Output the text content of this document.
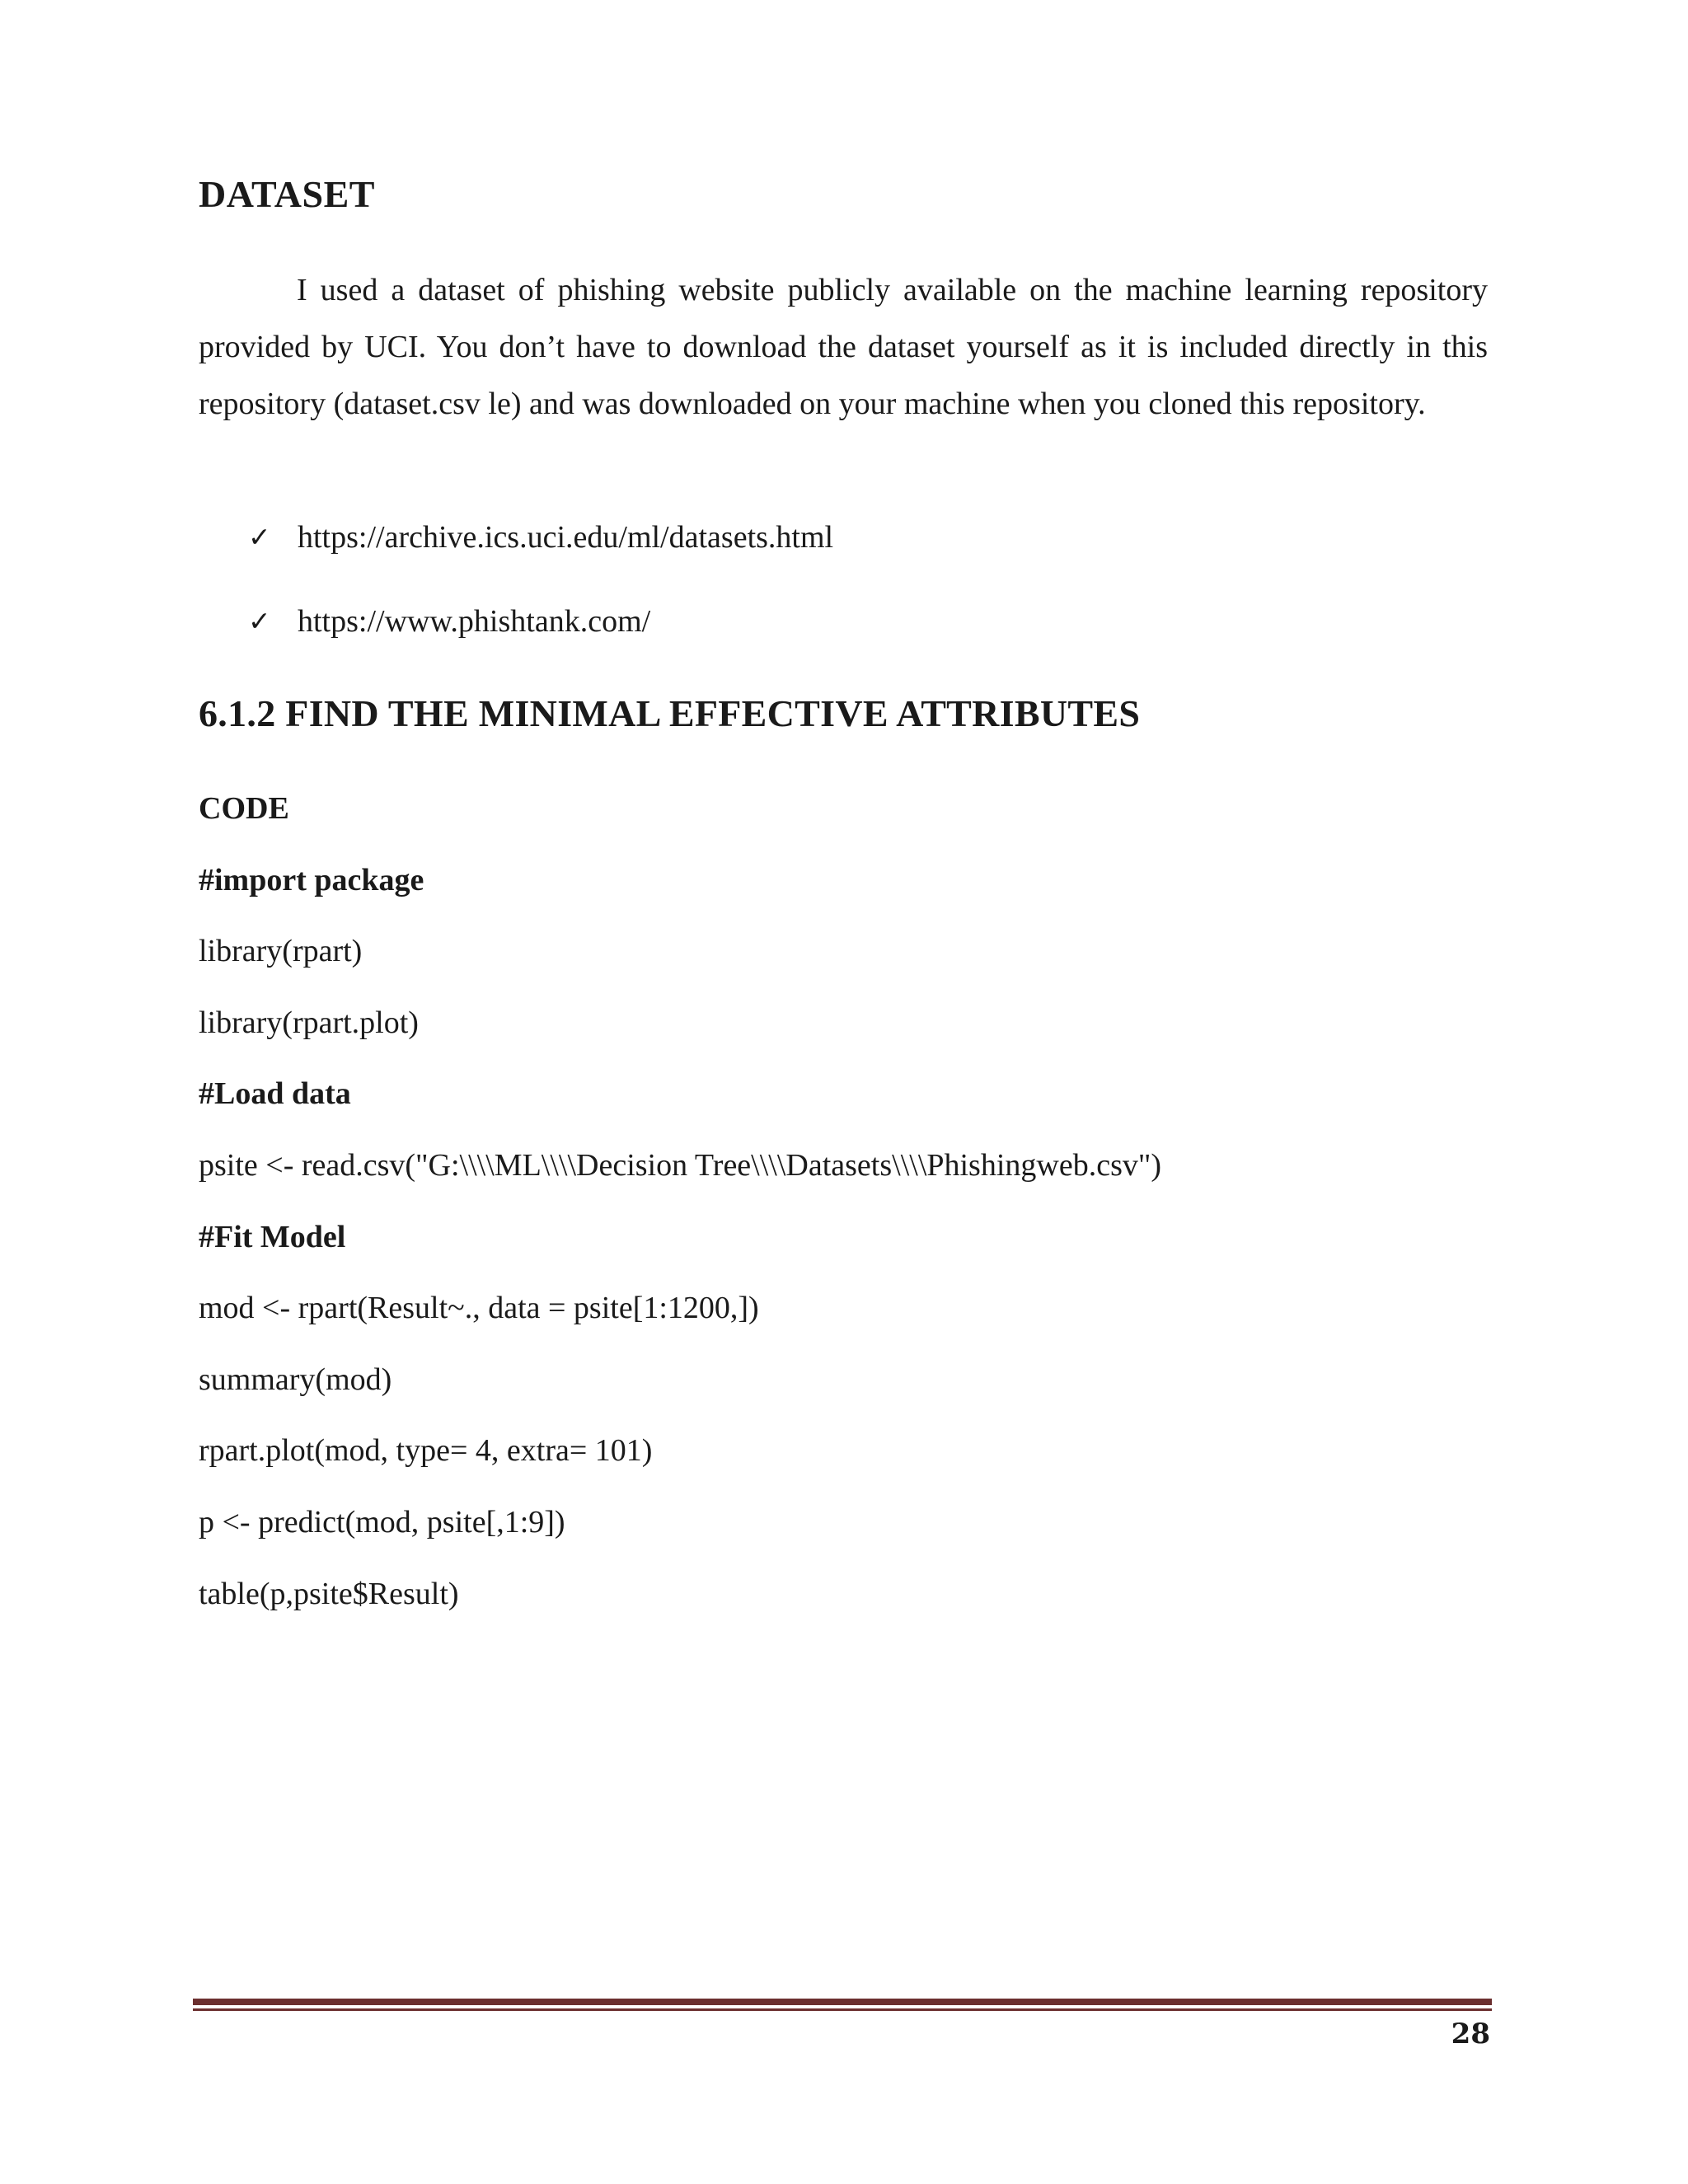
DATASET

I used a dataset of phishing website publicly available on the machine learning repository provided by UCI. You don’t have to download the dataset yourself as it is included directly in this repository (dataset.csv le) and was downloaded on your machine when you cloned this repository.

✓ https://archive.ics.uci.edu/ml/datasets.html
✓ https://www.phishtank.com/
6.1.2 FIND THE MINIMAL EFFECTIVE ATTRIBUTES
CODE
#import package
library(rpart)
library(rpart.plot)
#Load data
psite <- read.csv("G:\\\\ML\\\\Decision Tree\\\\Datasets\\\\Phishingweb.csv")
#Fit Model
mod <- rpart(Result~., data = psite[1:1200,])
summary(mod)
rpart.plot(mod, type= 4, extra= 101)
p <- predict(mod, psite[,1:9])
table(p,psite$Result)
28
